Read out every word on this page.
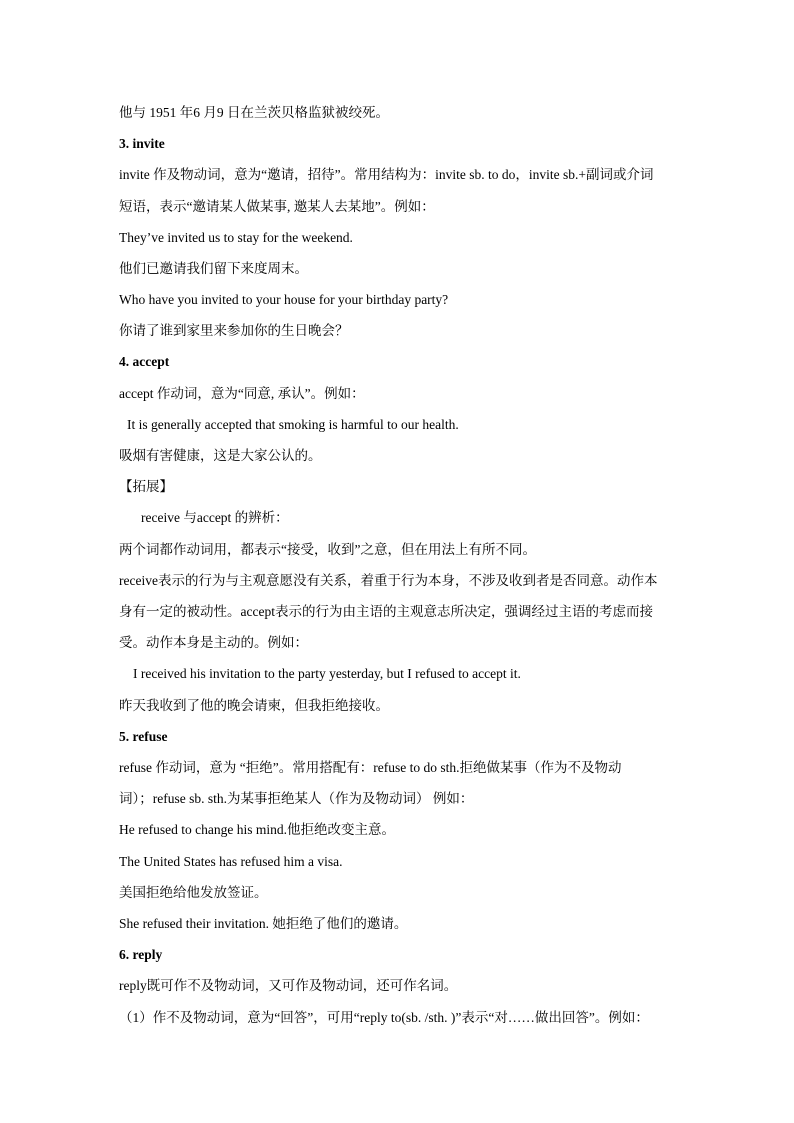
他与 1951 年6 月9 日在兰茨贝格监狱被绞死。
3. invite
invite 作及物动词，意为“邀请，招待”。常用结构为：invite sb. to do，invite sb.+副词或介词
短语，表示“邀请某人做某事, 邀某人去某地”。例如：
They’ve invited us to stay for the weekend.
他们已邀请我们留下来度周末。
Who have you invited to your house for your birthday party?
你请了谁到家里来参加你的生日晚会？
4. accept
accept 作动词，意为“同意, 承认”。例如：
It is generally accepted that smoking is harmful to our health.
吸烟有害健康，这是大家公认的。
【拓展】
receive 与accept 的辨析：
两个词都作动词用，都表示“接受，收到”之意，但在用法上有所不同。
receive表示的行为与主观意愿没有关系，着重于行为本身，不涉及收到者是否同意。动作本
身有一定的被动性。accept表示的行为由主语的主观意志所决定，强调经过主语的考虑而接
受。动作本身是主动的。例如：
I received his invitation to the party yesterday, but I refused to accept it.
昨天我收到了他的晚会请柬，但我拒绝接收。
5. refuse
refuse 作动词，意为 “拒绝”。常用搭配有：refuse to do sth.拒绝做某事（作为不及物动
词）；refuse sb. sth.为某事拒绝某人（作为及物动词） 例如：
He refused to change his mind.他拒绝改变主意。
The United States has refused him a visa.
美国拒绝给他发放签证。
She refused their invitation. 她拒绝了他们的邀请。
6. reply
reply既可作不及物动词，又可作及物动词，还可作名词。
（1）作不及物动词，意为“回答”，可用“reply to(sb. /sth. )”表示“对……做出回答”。例如：
